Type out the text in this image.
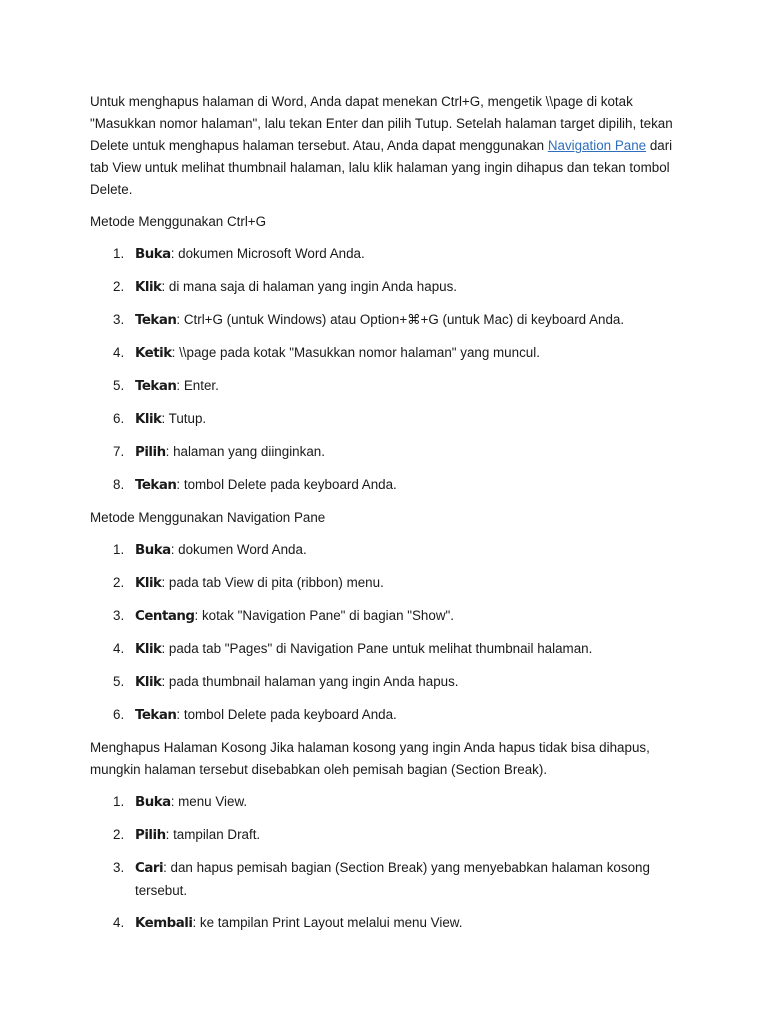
Untuk menghapus halaman di Word, Anda dapat menekan Ctrl+G, mengetik \\page di kotak "Masukkan nomor halaman", lalu tekan Enter dan pilih Tutup. Setelah halaman target dipilih, tekan Delete untuk menghapus halaman tersebut. Atau, Anda dapat menggunakan Navigation Pane dari tab View untuk melihat thumbnail halaman, lalu klik halaman yang ingin dihapus dan tekan tombol Delete.

Metode Menggunakan Ctrl+G

1. Buka: dokumen Microsoft Word Anda.
2. Klik: di mana saja di halaman yang ingin Anda hapus.
3. Tekan: Ctrl+G (untuk Windows) atau Option+⌘+G (untuk Mac) di keyboard Anda.
4. Ketik: \\page pada kotak "Masukkan nomor halaman" yang muncul.
5. Tekan: Enter.
6. Klik: Tutup.
7. Pilih: halaman yang diinginkan.
8. Tekan: tombol Delete pada keyboard Anda.

Metode Menggunakan Navigation Pane

1. Buka: dokumen Word Anda.
2. Klik: pada tab View di pita (ribbon) menu.
3. Centang: kotak "Navigation Pane" di bagian "Show".
4. Klik: pada tab "Pages" di Navigation Pane untuk melihat thumbnail halaman.
5. Klik: pada thumbnail halaman yang ingin Anda hapus.
6. Tekan: tombol Delete pada keyboard Anda.

Menghapus Halaman Kosong Jika halaman kosong yang ingin Anda hapus tidak bisa dihapus, mungkin halaman tersebut disebabkan oleh pemisah bagian (Section Break).

1. Buka: menu View.
2. Pilih: tampilan Draft.
3. Cari: dan hapus pemisah bagian (Section Break) yang menyebabkan halaman kosong tersebut.
4. Kembali: ke tampilan Print Layout melalui menu View.
